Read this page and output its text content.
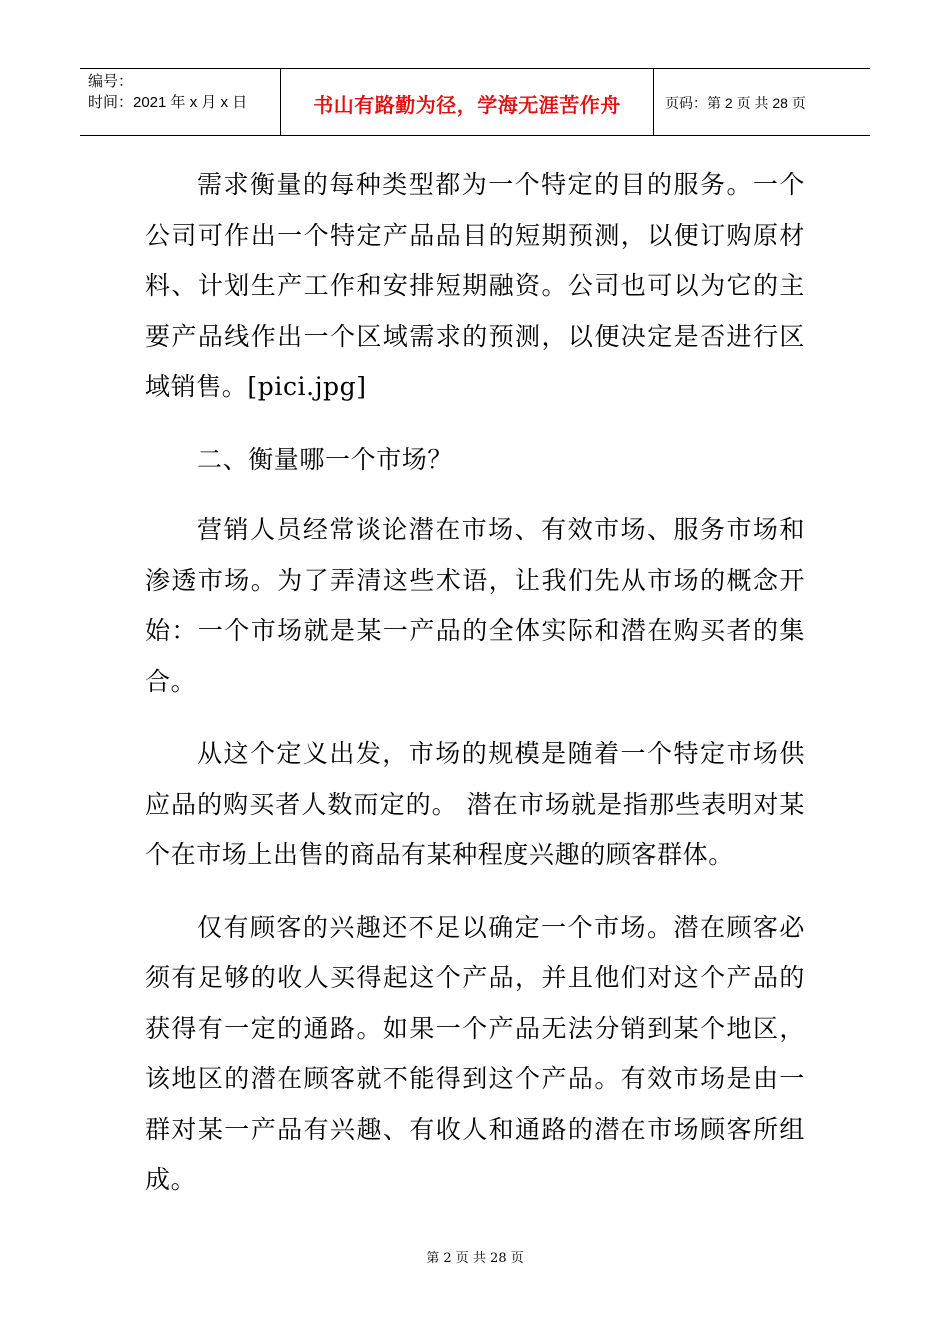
编号：
时间：2021 年 x 月 x 日	书山有路勤为径，学海无涯苦作舟	页码：第 2 页 共 28 页

需求衡量的每种类型都为一个特定的目的服务。一个公司可作出一个特定产品品目的短期预测，以便订购原材料、计划生产工作和安排短期融资。公司也可以为它的主要产品线作出一个区域需求的预测，以便决定是否进行区域销售。[pici.jpg]

二、衡量哪一个市场？

营销人员经常谈论潜在市场、有效市场、服务市场和渗透市场。为了弄清这些术语，让我们先从市场的概念开始：一个市场就是某一产品的全体实际和潜在购买者的集合。

从这个定义出发，市场的规模是随着一个特定市场供应品的购买者人数而定的。 潜在市场就是指那些表明对某个在市场上出售的商品有某种程度兴趣的顾客群体。

仅有顾客的兴趣还不足以确定一个市场。潜在顾客必须有足够的收人买得起这个产品，并且他们对这个产品的获得有一定的通路。如果一个产品无法分销到某个地区，该地区的潜在顾客就不能得到这个产品。有效市场是由一群对某一产品有兴趣、有收人和通路的潜在市场顾客所组成。

第 2 页 共 28 页
